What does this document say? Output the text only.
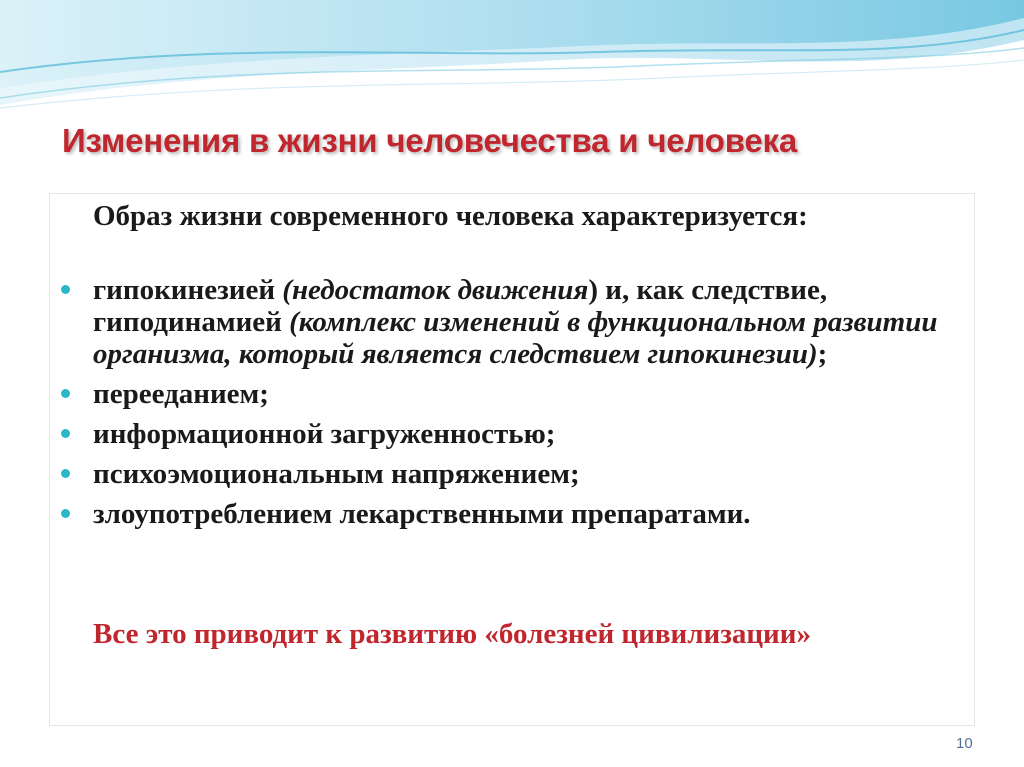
Изменения в жизни человечества и человека
Образ жизни современного человека характеризуется:
гипокинезией (недостаток движения) и, как следствие, гиподинамией (комплекс изменений в функциональном развитии организма, который является следствием гипокинезии);
перееданием;
информационной загруженностью;
психоэмоциональным напряжением;
злоупотреблением лекарственными препаратами.
Все это приводит к развитию «болезней цивилизации»
10
